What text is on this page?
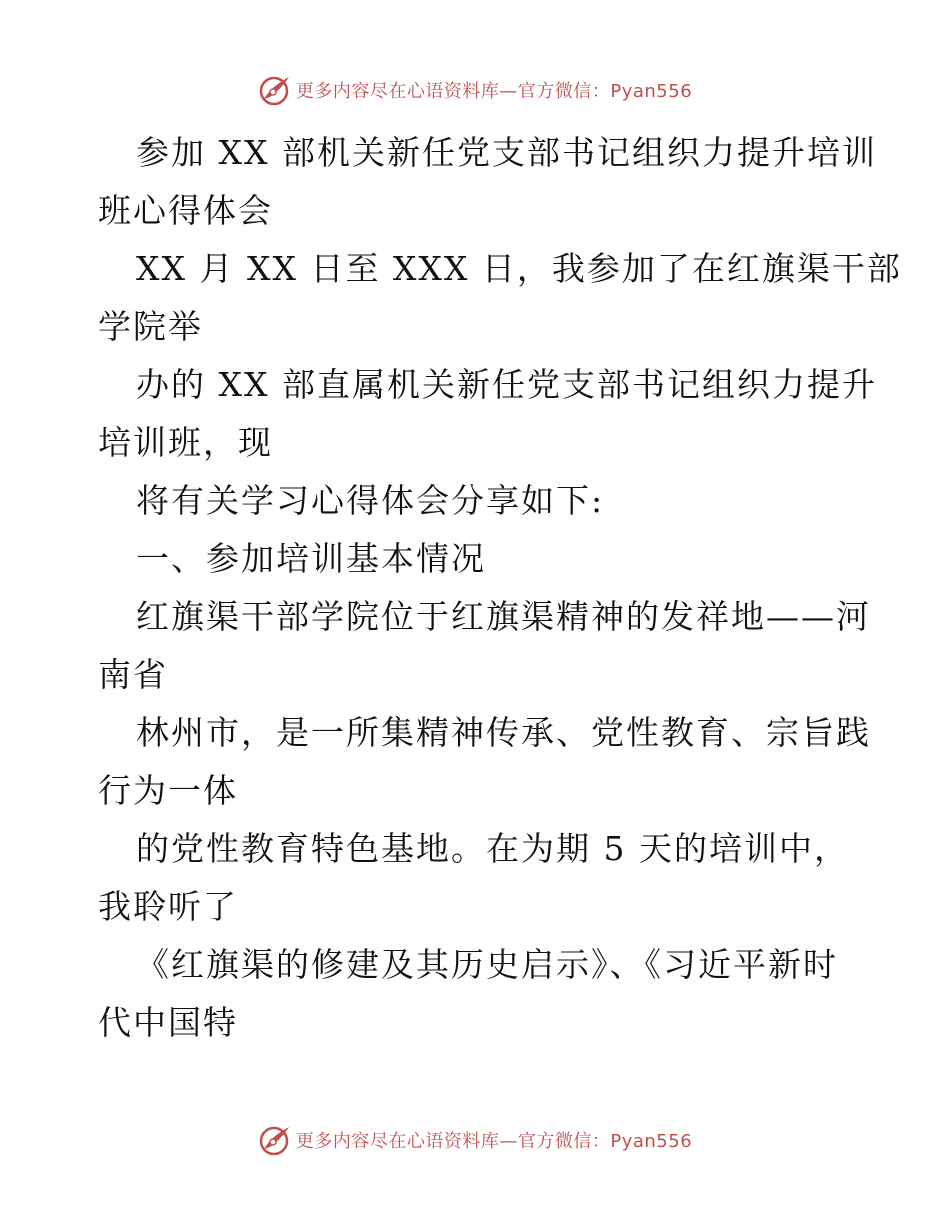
更多内容尽在心语资料库—官方微信：Pyan556
参加 XX 部机关新任党支部书记组织力提升培训
班心得体会
XX 月 XX 日至 XXX 日，我参加了在红旗渠干部
学院举
办的 XX 部直属机关新任党支部书记组织力提升
培训班，现
将有关学习心得体会分享如下:
一、参加培训基本情况
红旗渠干部学院位于红旗渠精神的发祥地——河
南省
林州市，是一所集精神传承、党性教育、宗旨践
行为一体
的党性教育特色基地。在为期 5 天的培训中，
我聆听了
《红旗渠的修建及其历史启示》、《习近平新时
代中国特
更多内容尽在心语资料库—官方微信：Pyan556
